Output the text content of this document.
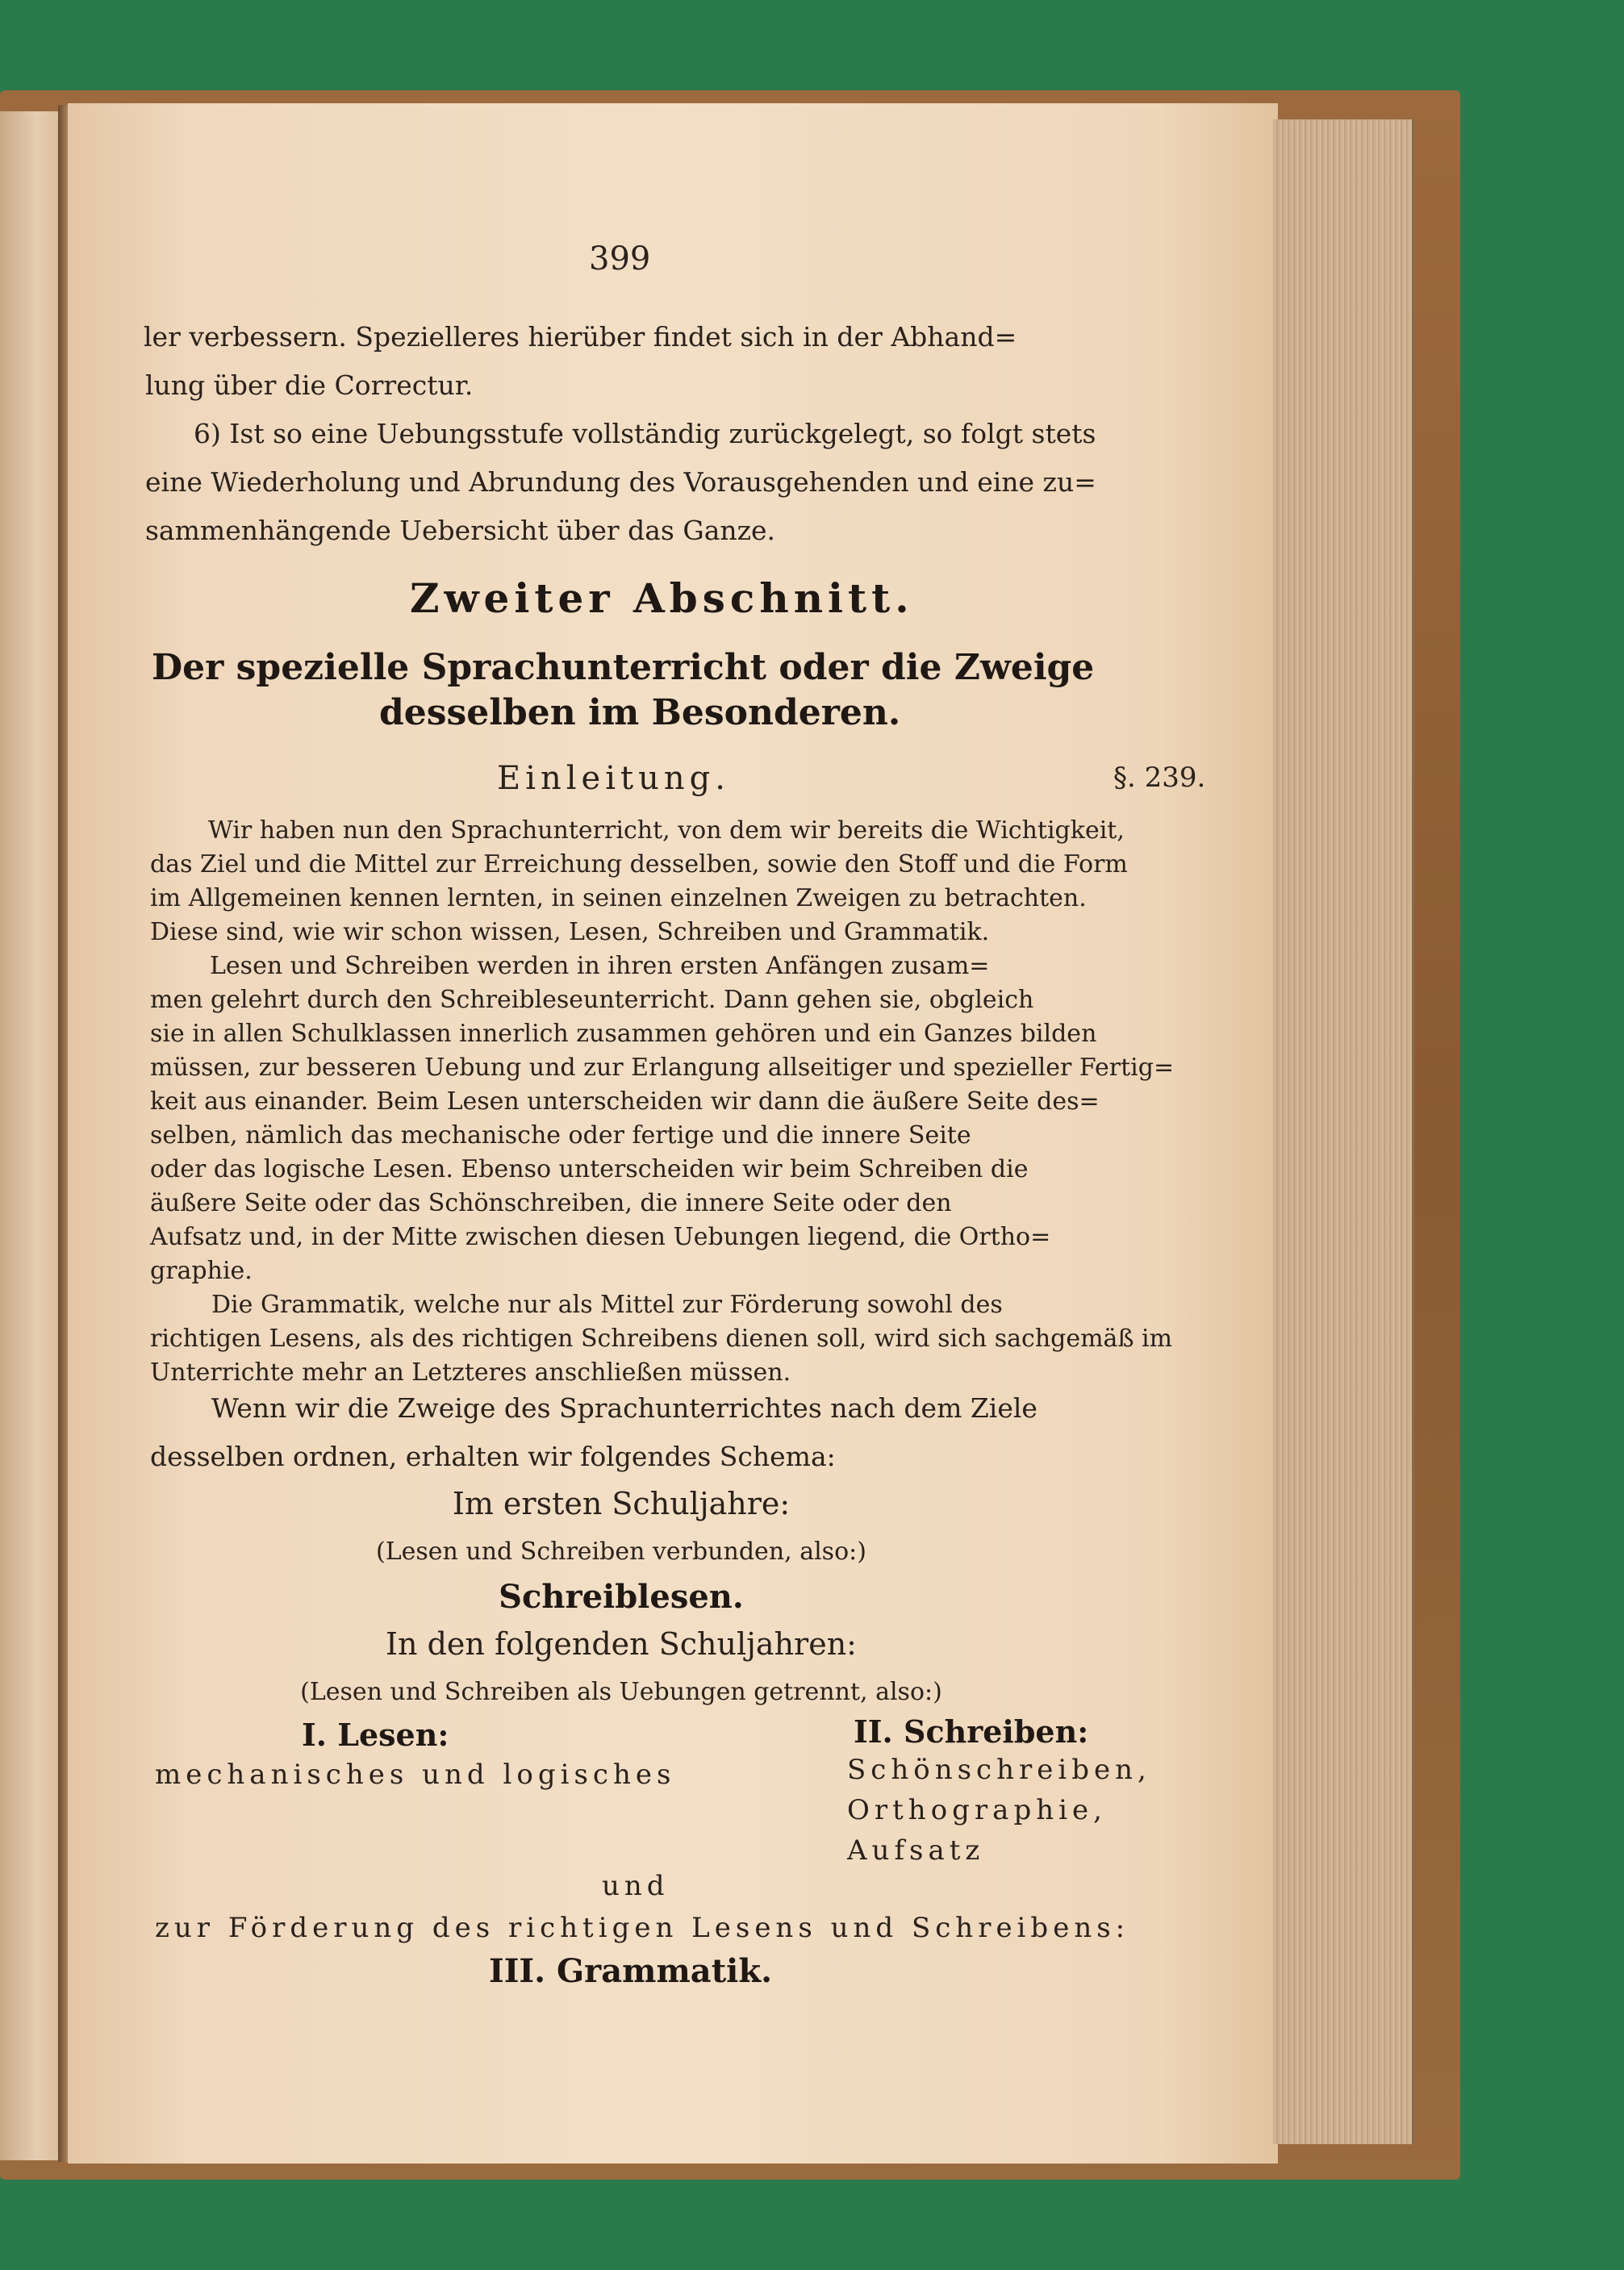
399
ler verbessern. Spezielleres hierüber findet sich in der Abhand=
lung über die Correctur.
6) Ist so eine Uebungsstufe vollständig zurückgelegt, so folgt stets
eine Wiederholung und Abrundung des Vorausgehenden und eine zu=
sammenhängende Uebersicht über das Ganze.
Zweiter Abschnitt.
Der spezielle Sprachunterricht oder die Zweige
desselben im Besonderen.
Einleitung.	§. 239.
Wir haben nun den Sprachunterricht, von dem wir bereits die Wichtigkeit,
das Ziel und die Mittel zur Erreichung desselben, sowie den Stoff und die Form
im Allgemeinen kennen lernten, in seinen einzelnen Zweigen zu betrachten.
Diese sind, wie wir schon wissen, Lesen, Schreiben und Grammatik.
Lesen und Schreiben werden in ihren ersten Anfängen zusam=
men gelehrt durch den Schreibleseunterricht. Dann gehen sie, obgleich
sie in allen Schulklassen innerlich zusammen gehören und ein Ganzes bilden
müssen, zur besseren Uebung und zur Erlangung allseitiger und spezieller Fertig=
keit aus einander. Beim Lesen unterscheiden wir dann die äußere Seite des=
selben, nämlich das mechanische oder fertige und die innere Seite
oder das logische Lesen. Ebenso unterscheiden wir beim Schreiben die
äußere Seite oder das Schönschreiben, die innere Seite oder den
Aufsatz und, in der Mitte zwischen diesen Uebungen liegend, die Ortho=
graphie.
Die Grammatik, welche nur als Mittel zur Förderung sowohl des
richtigen Lesens, als des richtigen Schreibens dienen soll, wird sich sachgemäß im
Unterrichte mehr an Letzteres anschließen müssen.
Wenn wir die Zweige des Sprachunterrichtes nach dem Ziele
desselben ordnen, erhalten wir folgendes Schema:
Im ersten Schuljahre:
(Lesen und Schreiben verbunden, also:)
Schreiblesen.
In den folgenden Schuljahren:
(Lesen und Schreiben als Uebungen getrennt, also:)
I. Lesen:
mechanisches und logisches
II. Schreiben:
Schönschreiben,
Orthographie,
Aufsatz
und
zur Förderung des richtigen Lesens und Schreibens:
III. Grammatik.
